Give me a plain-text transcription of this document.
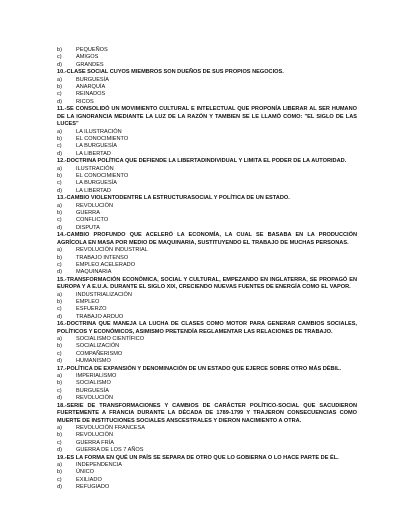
b)	PEQUEÑOS
c)	AMIGOS
d)	GRANDES
10.-CLASE SOCIAL CUYOS MIEMBROS SON DUEÑOS DE SUS PROPIOS NEGOCIOS.
a)	BURGUESÍA
b)	ANARQUÍA
c)	REINADOS
d)	RICOS
11.-SE CONSOLIDÓ UN MOVIMIENTO CULTURAL E INTELECTUAL QUE PROPONÍA LIBERAR AL SER HUMANO DE LA IGNORANCIA MEDIANTE LA LUZ DE LA RAZÓN Y TAMBIEN SE LE LLAMÓ COMO: "EL SIGLO DE LAS LUCES"
a)	LA ILUSTRACIÓN
b)	EL CONOCIMIENTO
c)	LA BURGUESÍA
d)	LA LIBERTAD
12.-DOCTRINA POLÍTICA QUE DEFIENDE LA LIBERTADINDIVIDUAL Y LIMITA EL PODER DE LA AUTORIDAD.
a)	ILUSTRACIÓN
b)	EL CONOCIMIENTO
c)	LA BURGUESÍA
d)	LA LIBERTAD
13.-CAMBIO VIOLENTODENTRE LA ESTRUCTURASOCIAL Y POLÍTICA DE UN ESTADO.
a)	REVOLUCIÓN
b)	GUERRA
c)	CONFLICTO
d)	DISPUTA
14.-CAMBIO PROFUNDO QUE ACELERÓ LA ECONOMÍA, LA CUAL SE BASABA EN LA PRODUCCIÓN AGRÍCOLA EN MASA POR MEDIO DE MAQUINARIA, SUSTITUYENDO EL TRABAJO DE MUCHAS PERSONAS.
a)	REVOLUCIÓN INDUSTRIAL
b)	TRABAJO INTENSO
c)	EMPLEO ACELERADO
d)	MAQUINARIA
15.-TRANSFORMACIÓN ECONÓMICA, SOCIAL Y CULTURAL, EMPEZANDO EN INGLATERRA, SE PROPAGÓ EN EUROPA Y A E.U.A. DURANTE EL SIGLO XIX, CRECIENDO NUEVAS FUENTES DE ENERGÍA COMO EL VAPOR.
a)	INDUSTRIALIZACIÓN
b)	EMPLEO
c)	ESFUERZO
d)	TRABAJO ARDUO
16.-DOCTRINA QUE MANEJA LA LUCHA DE CLASES COMO MOTOR PARA GENERAR CAMBIOS SOCIALES, POLÍTICOS Y ECONÓMICOS, ASIMISMO PRETENDÍA REGLAMENTAR LAS RELACIONES DE TRABAJO.
a)	SOCIALISMO CIENTÍFICO
b)	SOCIALIZACIÓN
c)	COMPAÑERISMO
d)	HUMANISMO
17.-POLÍTICA DE EXPANSIÓN Y DENOMINACIÓN DE UN ESTADO QUE EJERCE SOBRE OTRO MÁS DÉBIL.
a)	IMPERIALISMO
b)	SOCIALISMO
c)	BURGUESÍA
d)	REVOLUCIÓN
18.-SERIE DE TRANSFORMACIONES Y CAMBIOS DE CARÁCTER POLÍTICO-SOCIAL QUE SACUDIERON FUERTEMENTE A FRANCIA DURANTE LA DÉCADA DE 1789-1799 Y TRAJERON CONSECUENCIAS COMO MUERTE DE INSTITUCIONES SOCIALES ANSCESTRALES Y DIERON NACIMIENTO A OTRA.
a)	REVOLUCIÓN FRANCESA
b)	REVOLUCIÓN
c)	GUERRA FRÍA
d)	GUERRA DE LOS 7 AÑOS
19.-ES LA FORMA EN QUÉ UN PAÍS SE SEPARA DE OTRO QUE LO GOBIERNA O LO HACE PARTE DE ÉL.
a)	INDEPENDENCIA
b)	ÚNICO
c)	EXILIADO
d)	REFUGIADO
